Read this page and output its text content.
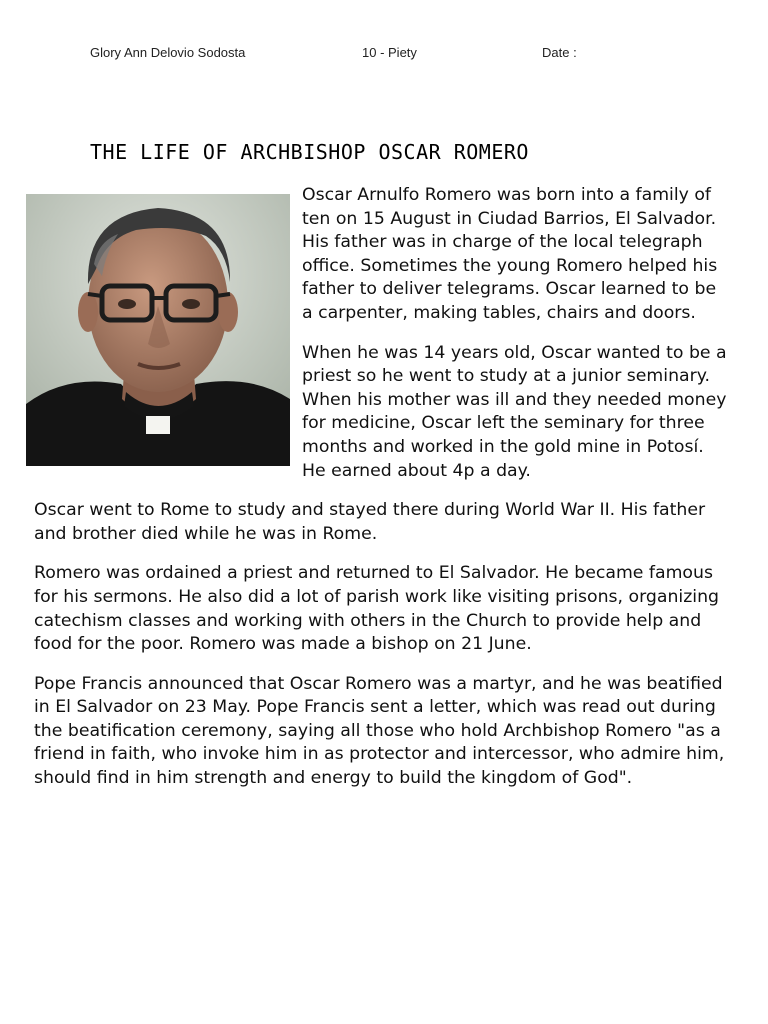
Glory Ann Delovio Sodosta	10 - Piety	Date :
THE LIFE OF ARCHBISHOP OSCAR ROMERO

Oscar Arnulfo Romero was born into a family of ten on 15 August in Ciudad Barrios, El Salvador. His father was in charge of the local telegraph office. Sometimes the young Romero helped his father to deliver telegrams. Oscar learned to be a carpenter, making tables, chairs and doors.

When he was 14 years old, Oscar wanted to be a priest so he went to study at a junior seminary. When his mother was ill and they needed money for medicine, Oscar left the seminary for three months and worked in the gold mine in Potosí. He earned about 4p a day.

Oscar went to Rome to study and stayed there during World War II. His father and brother died while he was in Rome.

Romero was ordained a priest and returned to El Salvador. He became famous for his sermons. He also did a lot of parish work like visiting prisons, organizing catechism classes and working with others in the Church to provide help and food for the poor. Romero was made a bishop on 21 June.

Pope Francis announced that Oscar Romero was a martyr, and he was beatified in El Salvador on 23 May. Pope Francis sent a letter, which was read out during the beatification ceremony, saying all those who hold Archbishop Romero "as a friend in faith, who invoke him in as protector and intercessor, who admire him, should find in him strength and energy to build the kingdom of God".
